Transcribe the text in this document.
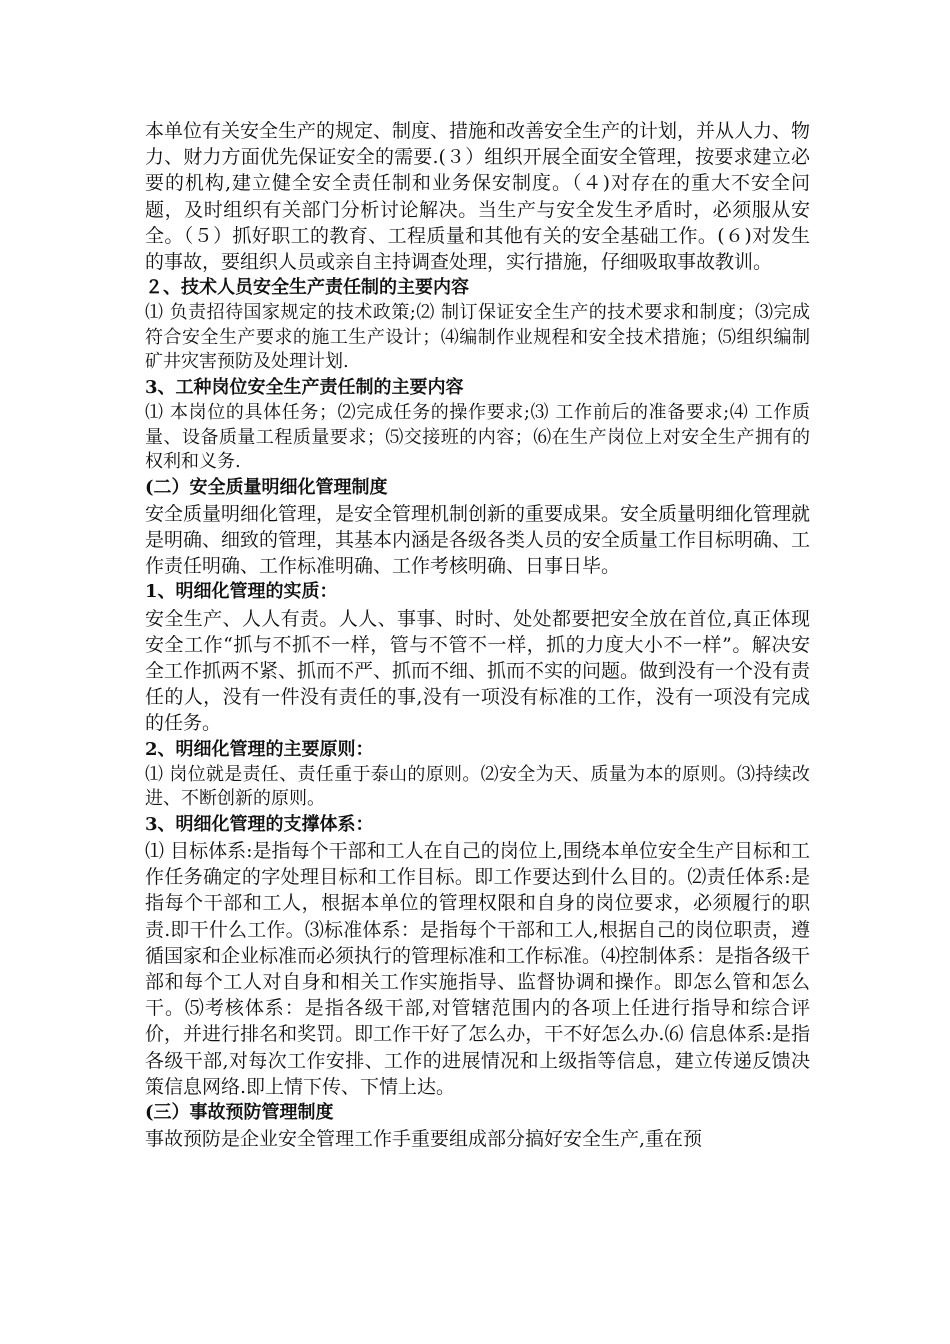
本单位有关安全生产的规定、制度、措施和改善安全生产的计划，并从人力、物力、财力方面优先保证安全的需要.(３）组织开展全面安全管理，按要求建立必要的机构,建立健全安全责任制和业务保安制度。（４)对存在的重大不安全问题，及时组织有关部门分析讨论解决。当生产与安全发生矛盾时，必须服从安全。（５）抓好职工的教育、工程质量和其他有关的安全基础工作。(６)对发生的事故，要组织人员或亲自主持调查处理，实行措施，仔细吸取事故教训。

２、技术人员安全生产责任制的主要内容

⑴ 负责招待国家规定的技术政策;⑵ 制订保证安全生产的技术要求和制度；⑶完成符合安全生产要求的施工生产设计；⑷编制作业规程和安全技术措施；⑸组织编制矿井灾害预防及处理计划.

3、工种岗位安全生产责任制的主要内容

⑴ 本岗位的具体任务；⑵完成任务的操作要求;⑶ 工作前后的准备要求;⑷ 工作质量、设备质量工程质量要求；⑸交接班的内容；⑹在生产岗位上对安全生产拥有的权利和义务.

(二）安全质量明细化管理制度

安全质量明细化管理，是安全管理机制创新的重要成果。安全质量明细化管理就是明确、细致的管理，其基本内涵是各级各类人员的安全质量工作目标明确、工作责任明确、工作标准明确、工作考核明确、日事日毕。

1、明细化管理的实质：

安全生产、人人有责。人人、事事、时时、处处都要把安全放在首位,真正体现安全工作“抓与不抓不一样，管与不管不一样，抓的力度大小不一样”。解决安全工作抓两不紧、抓而不严、抓而不细、抓而不实的问题。做到没有一个没有责任的人，没有一件没有责任的事,没有一项没有标准的工作，没有一项没有完成的任务。

2、明细化管理的主要原则：

⑴ 岗位就是责任、责任重于泰山的原则。⑵安全为天、质量为本的原则。⑶持续改进、不断创新的原则。

3、明细化管理的支撑体系：

⑴ 目标体系:是指每个干部和工人在自己的岗位上,围绕本单位安全生产目标和工作任务确定的字处理目标和工作目标。即工作要达到什么目的。⑵责任体系:是指每个干部和工人，根据本单位的管理权限和自身的岗位要求，必须履行的职责.即干什么工作。⑶标准体系：是指每个干部和工人,根据自己的岗位职责，遵循国家和企业标准而必须执行的管理标准和工作标准。⑷控制体系：是指各级干部和每个工人对自身和相关工作实施指导、监督协调和操作。即怎么管和怎么干。⑸考核体系：是指各级干部,对管辖范围内的各项上任进行指导和综合评价，并进行排名和奖罚。即工作干好了怎么办，干不好怎么办.⑹ 信息体系:是指各级干部,对每次工作安排、工作的进展情况和上级指等信息，建立传递反馈决策信息网络.即上情下传、下情上达。

(三）事故预防管理制度

事故预防是企业安全管理工作手重要组成部分搞好安全生产,重在预
